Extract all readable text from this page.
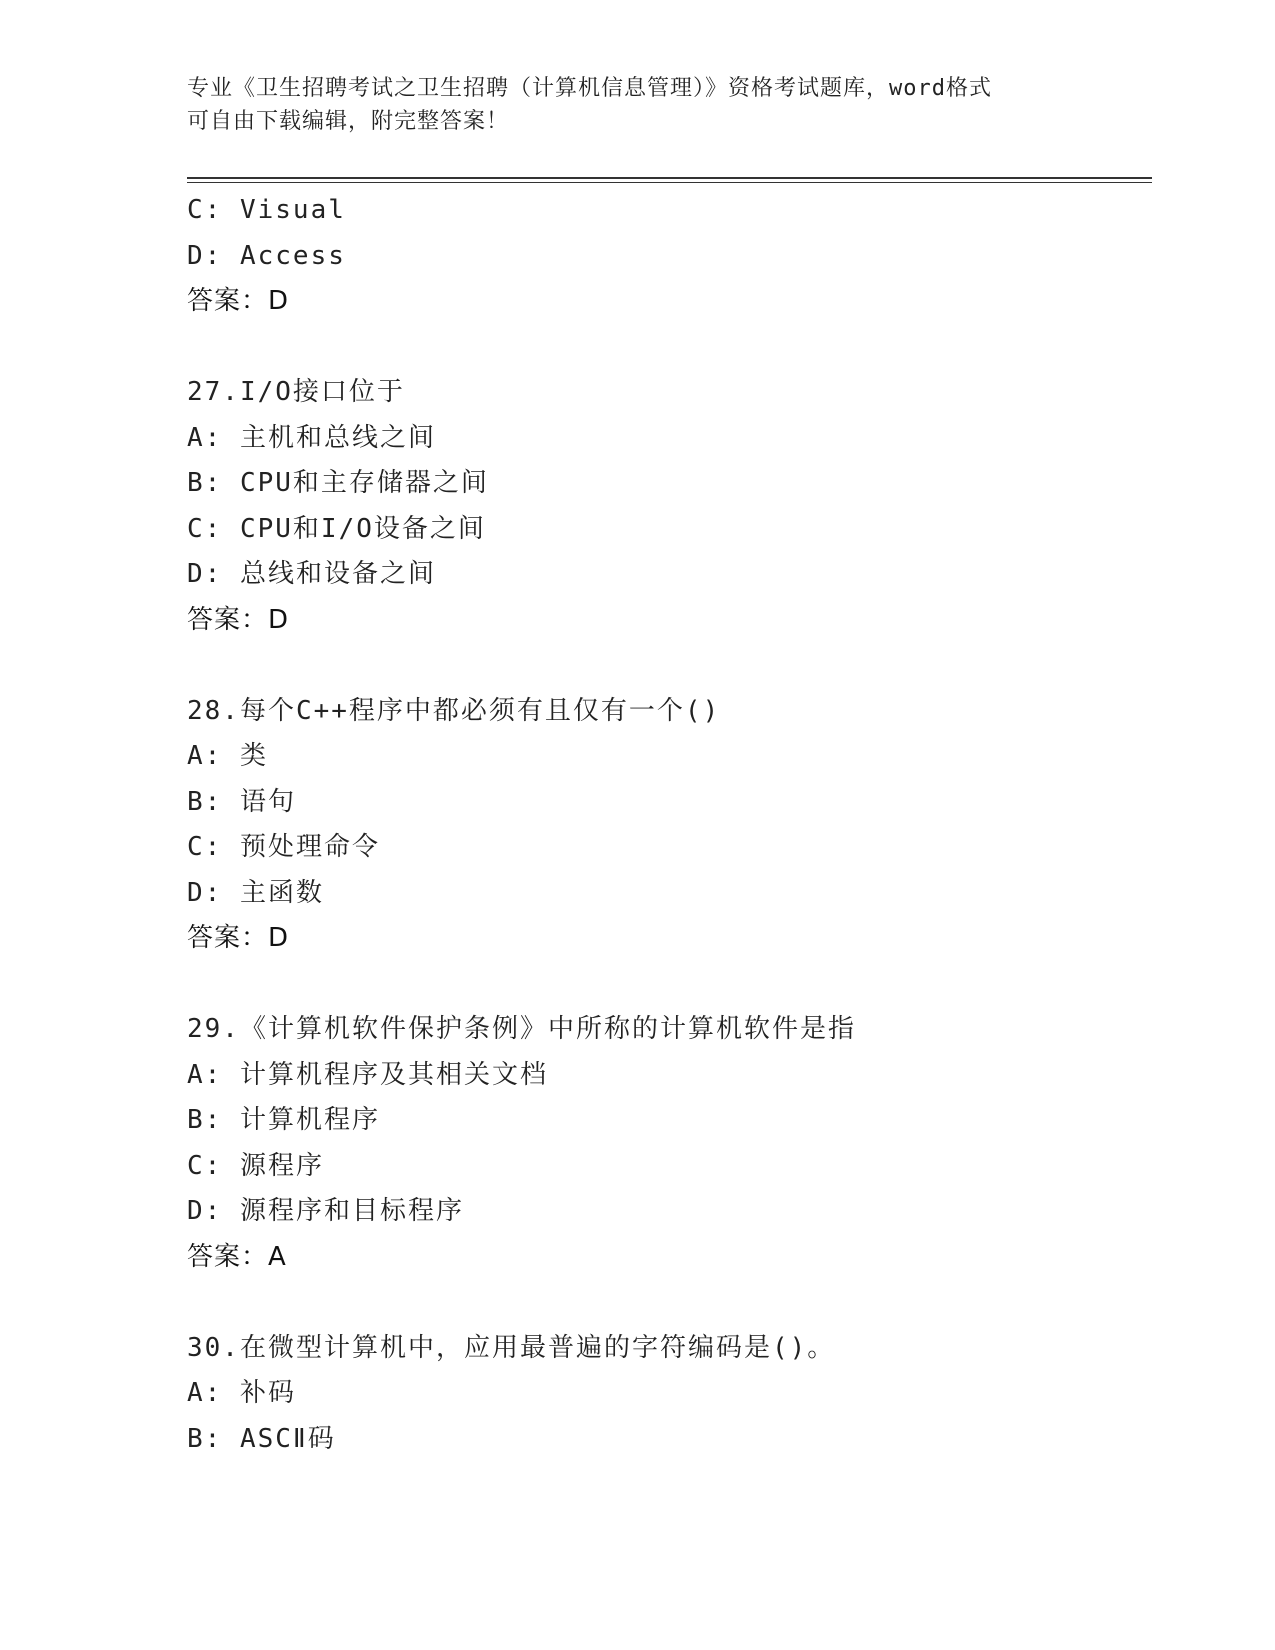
专业《卫生招聘考试之卫生招聘（计算机信息管理）》资格考试题库，word格式
可自由下载编辑，附完整答案！
C: Visual
D: Access
答案：D
27.I/O接口位于
A: 主机和总线之间
B: CPU和主存储器之间
C: CPU和I/O设备之间
D: 总线和设备之间
答案：D
28.每个C++程序中都必须有且仅有一个()
A: 类
B: 语句
C: 预处理命令
D: 主函数
答案：D
29.《计算机软件保护条例》中所称的计算机软件是指
A: 计算机程序及其相关文档
B: 计算机程序
C: 源程序
D: 源程序和目标程序
答案：A
30.在微型计算机中，应用最普遍的字符编码是()。
A: 补码
B: ASCⅡ码
